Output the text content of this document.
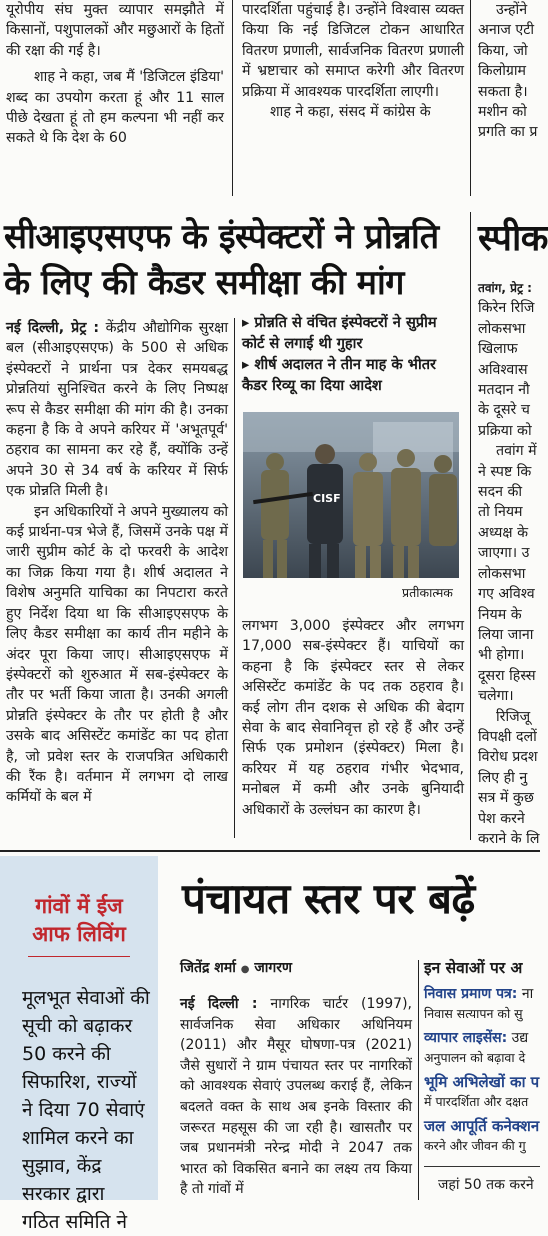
यूरोपीय संघ मुक्त व्यापार समझौते में किसानों, पशुपालकों और मछुआरों के हितों की रक्षा की गई है।

शाह ने कहा, जब मैं 'डिजिटल इंडिया' शब्द का उपयोग करता हूं और 11 साल पीछे देखता हूं तो हम कल्पना भी नहीं कर सकते थे कि देश के 60

पारदर्शिता पहुंचाई है। उन्होंने विश्वास व्यक्त किया कि नई डिजिटल टोकन आधारित वितरण प्रणाली, सार्वजनिक वितरण प्रणाली में भ्रष्टाचार को समाप्त करेगी और वितरण प्रक्रिया में आवश्यक पारदर्शिता लाएगी।

शाह ने कहा, संसद में कांग्रेस के

उन्होंने
अनाज एटी
किया, जो
किलोग्राम
सकता है।
मशीन को
प्रगति का प्र
सीआइएसएफ के इंस्पेक्टरों ने प्रोन्नति
के लिए की कैडर समीक्षा की मांग

नई दिल्ली, प्रेट्र : केंद्रीय औद्योगिक सुरक्षा बल (सीआइएसएफ) के 500 से अधिक इंस्पेक्टरों ने प्रार्थना पत्र देकर समयबद्ध प्रोन्नतियां सुनिश्चित करने के लिए निष्पक्ष रूप से कैडर समीक्षा की मांग की है। उनका कहना है कि वे अपने करियर में 'अभूतपूर्व' ठहराव का सामना कर रहे हैं, क्योंकि उन्हें अपने 30 से 34 वर्ष के करियर में सिर्फ एक प्रोन्नति मिली है।

इन अधिकारियों ने अपने मुख्यालय को कई प्रार्थना-पत्र भेजे हैं, जिसमें उनके पक्ष में जारी सुप्रीम कोर्ट के दो फरवरी के आदेश का जिक्र किया गया है। शीर्ष अदालत ने विशेष अनुमति याचिका का निपटारा करते हुए निर्देश दिया था कि सीआइएसएफ के लिए कैडर समीक्षा का कार्य तीन महीने के अंदर पूरा किया जाए। सीआइएसएफ में इंस्पेक्टरों को शुरुआत में सब-इंस्पेक्टर के तौर पर भर्ती किया जाता है। उनकी अगली प्रोन्नति इंस्पेक्टर के तौर पर होती है और उसके बाद असिस्टेंट कमांडेंट का पद होता है, जो प्रवेश स्तर के राजपत्रित अधिकारी की रैंक है। वर्तमान में लगभग दो लाख कर्मियों के बल में

▸ प्रोन्नति से वंचित इंस्पेक्टरों ने सुप्रीम कोर्ट से लगाई थी गुहार

▸ शीर्ष अदालत ने तीन माह के भीतर कैडर रिव्यू का दिया आदेश

CISF
प्रतीकात्मक

लगभग 3,000 इंस्पेक्टर और लगभग 17,000 सब-इंस्पेक्टर हैं। याचियों का कहना है कि इंस्पेक्टर स्तर से लेकर असिस्टेंट कमांडेंट के पद तक ठहराव है। कई लोग तीन दशक से अधिक की बेदाग सेवा के बाद सेवानिवृत्त हो रहे हैं और उन्हें सिर्फ एक प्रमोशन (इंस्पेक्टर) मिला है। करियर में यह ठहराव गंभीर भेदभाव, मनोबल में कमी और उनके बुनियादी अधिकारों के उल्लंघन का कारण है।

स्पीक
तवांग, प्रेट्र :
किरेन रिजि
लोकसभा
खिलाफ
अविश्वास
मतदान नौ
के दूसरे च
प्रक्रिया को
तवांग में
ने स्पष्ट कि
सदन की
तो नियम
अध्यक्ष के
जाएगा। उ
लोकसभा
गए अविश्व
नियम के
लिया जाना
भी होगा।
दूसरा हिस्स
चलेगा।
रिजिजू
विपक्षी दलों
विरोध प्रदश
लिए ही नु
सत्र में कुछ
पेश करने
कराने के लि
गांवों में ईज
आफ लिविंग
मूलभूत सेवाओं की
सूची को बढ़ाकर
50 करने की
सिफारिश, राज्यों
ने दिया 70 सेवाएं
शामिल करने का
सुझाव, केंद्र
सरकार द्वारा
गठित समिति ने
पंचायत स्तर पर बढ़ें
जितेंद्र शर्मा ● जागरण

नई दिल्ली : नागरिक चार्टर (1997), सार्वजनिक सेवा अधिकार अधिनियम (2011) और मैसूर घोषणा-पत्र (2021) जैसे सुधारों ने ग्राम पंचायत स्तर पर नागरिकों को आवश्यक सेवाएं उपलब्ध कराई हैं, लेकिन बदलते वक्त के साथ अब इनके विस्तार की जरूरत महसूस की जा रही है। खासतौर पर जब प्रधानमंत्री नरेन्द्र मोदी ने 2047 तक भारत को विकसित बनाने का लक्ष्य तय किया है तो गांवों में

इन सेवाओं पर अ
निवास प्रमाण पत्र: ना
निवास सत्यापन को सु
व्यापार लाइसेंस: उद्य
अनुपालन को बढ़ावा दे
भूमि अभिलेखों का प
में पारदर्शिता और दक्षत
जल आपूर्ति कनेक्शन
करने और जीवन की गु
जहां 50 तक करने
